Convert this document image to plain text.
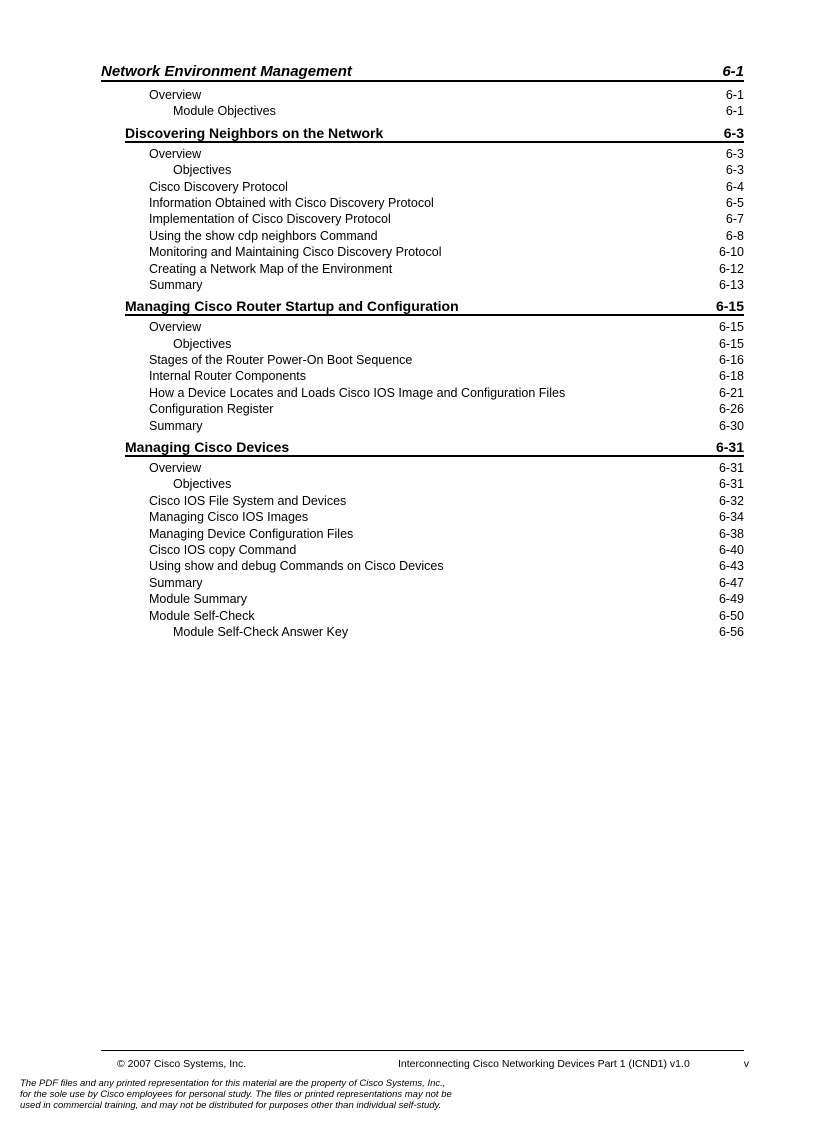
Network Environment Management	6-1
Overview	6-1
Module Objectives	6-1
Discovering Neighbors on the Network	6-3
Overview	6-3
Objectives	6-3
Cisco Discovery Protocol	6-4
Information Obtained with Cisco Discovery Protocol	6-5
Implementation of Cisco Discovery Protocol	6-7
Using the show cdp neighbors Command	6-8
Monitoring and Maintaining Cisco Discovery Protocol	6-10
Creating a Network Map of the Environment	6-12
Summary	6-13
Managing Cisco Router Startup and Configuration	6-15
Overview	6-15
Objectives	6-15
Stages of the Router Power-On Boot Sequence	6-16
Internal Router Components	6-18
How a Device Locates and Loads Cisco IOS Image and Configuration Files	6-21
Configuration Register	6-26
Summary	6-30
Managing Cisco Devices	6-31
Overview	6-31
Objectives	6-31
Cisco IOS File System and Devices	6-32
Managing Cisco IOS Images	6-34
Managing Device Configuration Files	6-38
Cisco IOS copy Command	6-40
Using show and debug Commands on Cisco Devices	6-43
Summary	6-47
Module Summary	6-49
Module Self-Check	6-50
Module Self-Check Answer Key	6-56
© 2007 Cisco Systems, Inc.	Interconnecting Cisco Networking Devices Part 1 (ICND1) v1.0	v
The PDF files and any printed representation for this material are the property of Cisco Systems, Inc.,
for the sole use by Cisco employees for personal study. The files or printed representations may not be
used in commercial training, and may not be distributed for purposes other than individual self-study.
